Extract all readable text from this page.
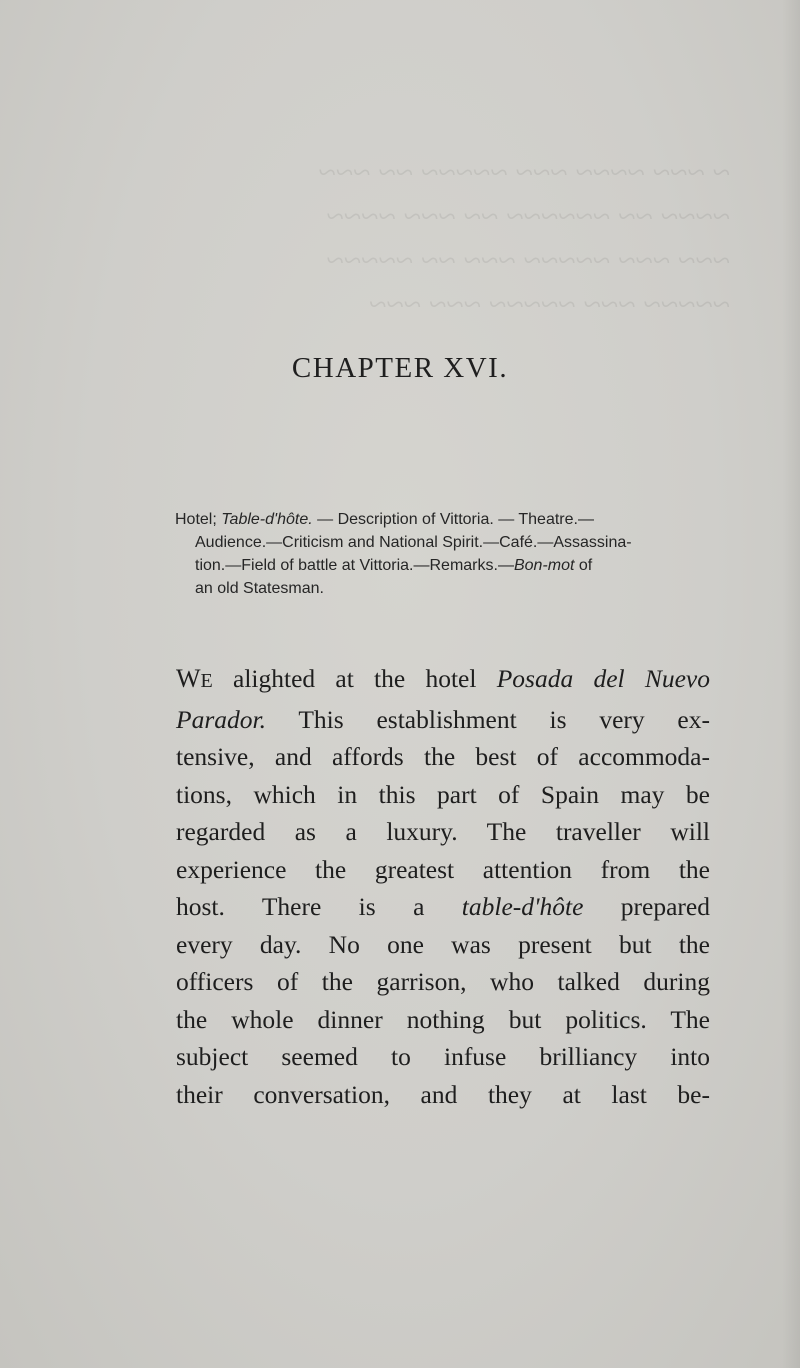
~ ~~~ ~~~~ ~~~ ~~~~~ ~~ ~~~
~~~~ ~~ ~~~~~~ ~~ ~~~ ~~~~
~~~ ~~~ ~~~~~ ~~~ ~~ ~~~~~
~~~~~ ~~~ ~~~~~ ~~~ ~~~
CHAPTER XVI.
Hotel; Table-d'hôte. — Description of Vittoria. — Theatre.—
Audience.—Criticism and National Spirit.—Café.—Assassina-
tion.—Field of battle at Vittoria.—Remarks.—Bon-mot of
an old Statesman.
WE alighted at the hotel Posada del Nuevo
Parador. This establishment is very ex-
tensive, and affords the best of accommoda-
tions, which in this part of Spain may be
regarded as a luxury. The traveller will
experience the greatest attention from the
host. There is a table-d'hôte prepared
every day. No one was present but the
officers of the garrison, who talked during
the whole dinner nothing but politics. The
subject seemed to infuse brilliancy into
their conversation, and they at last be-
